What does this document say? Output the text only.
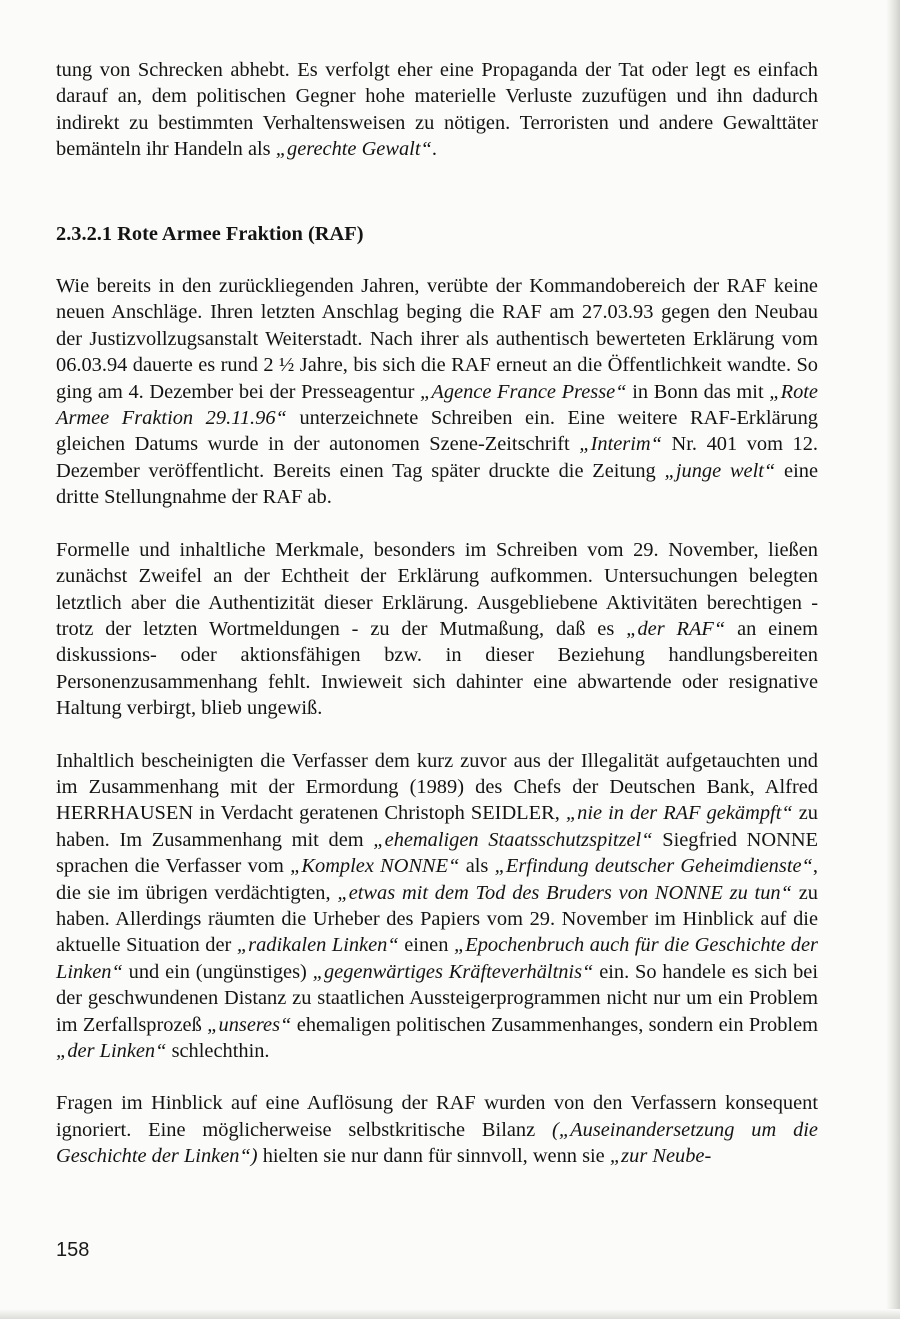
tung von Schrecken abhebt. Es verfolgt eher eine Propaganda der Tat oder legt es einfach darauf an, dem politischen Gegner hohe materielle Verluste zuzufügen und ihn dadurch indirekt zu bestimmten Verhaltensweisen zu nötigen. Terroristen und andere Gewalttäter bemänteln ihr Handeln als „gerechte Gewalt“.

2.3.2.1 Rote Armee Fraktion (RAF)

Wie bereits in den zurückliegenden Jahren, verübte der Kommandobereich der RAF keine neuen Anschläge. Ihren letzten Anschlag beging die RAF am 27.03.93 gegen den Neubau der Justizvollzugsanstalt Weiterstadt. Nach ihrer als authentisch bewerteten Erklärung vom 06.03.94 dauerte es rund 2 ½ Jahre, bis sich die RAF erneut an die Öffentlichkeit wandte. So ging am 4. Dezember bei der Presseagentur „Agence France Presse“ in Bonn das mit „Rote Armee Fraktion 29.11.96“ unterzeichnete Schreiben ein. Eine weitere RAF-Erklärung gleichen Datums wurde in der autonomen Szene-Zeitschrift „Interim“ Nr. 401 vom 12. Dezember veröffentlicht. Bereits einen Tag später druckte die Zeitung „junge welt“ eine dritte Stellungnahme der RAF ab.

Formelle und inhaltliche Merkmale, besonders im Schreiben vom 29. November, ließen zunächst Zweifel an der Echtheit der Erklärung aufkommen. Untersuchungen belegten letztlich aber die Authentizität dieser Erklärung. Ausgebliebene Aktivitäten berechtigen - trotz der letzten Wortmeldungen - zu der Mutmaßung, daß es „der RAF“ an einem diskussions- oder aktionsfähigen bzw. in dieser Beziehung handlungsbereiten Personenzusammenhang fehlt. Inwieweit sich dahinter eine abwartende oder resignative Haltung verbirgt, blieb ungewiß.

Inhaltlich bescheinigten die Verfasser dem kurz zuvor aus der Illegalität aufgetauchten und im Zusammenhang mit der Ermordung (1989) des Chefs der Deutschen Bank, Alfred HERRHAUSEN in Verdacht geratenen Christoph SEIDLER, „nie in der RAF gekämpft“ zu haben. Im Zusammenhang mit dem „ehemaligen Staatsschutzspitzel“ Siegfried NONNE sprachen die Verfasser vom „Komplex NONNE“ als „Erfindung deutscher Geheimdienste“, die sie im übrigen verdächtigten, „etwas mit dem Tod des Bruders von NONNE zu tun“ zu haben. Allerdings räumten die Urheber des Papiers vom 29. November im Hinblick auf die aktuelle Situation der „radikalen Linken“ einen „Epochenbruch auch für die Geschichte der Linken“ und ein (ungünstiges) „gegenwärtiges Kräfteverhältnis“ ein. So handele es sich bei der geschwundenen Distanz zu staatlichen Aussteigerprogrammen nicht nur um ein Problem im Zerfallsprozeß „unseres“ ehemaligen politischen Zusammenhanges, sondern ein Problem „der Linken“ schlechthin.

Fragen im Hinblick auf eine Auflösung der RAF wurden von den Verfassern konsequent ignoriert. Eine möglicherweise selbstkritische Bilanz („Auseinandersetzung um die Geschichte der Linken“) hielten sie nur dann für sinnvoll, wenn sie „zur Neube-

158
